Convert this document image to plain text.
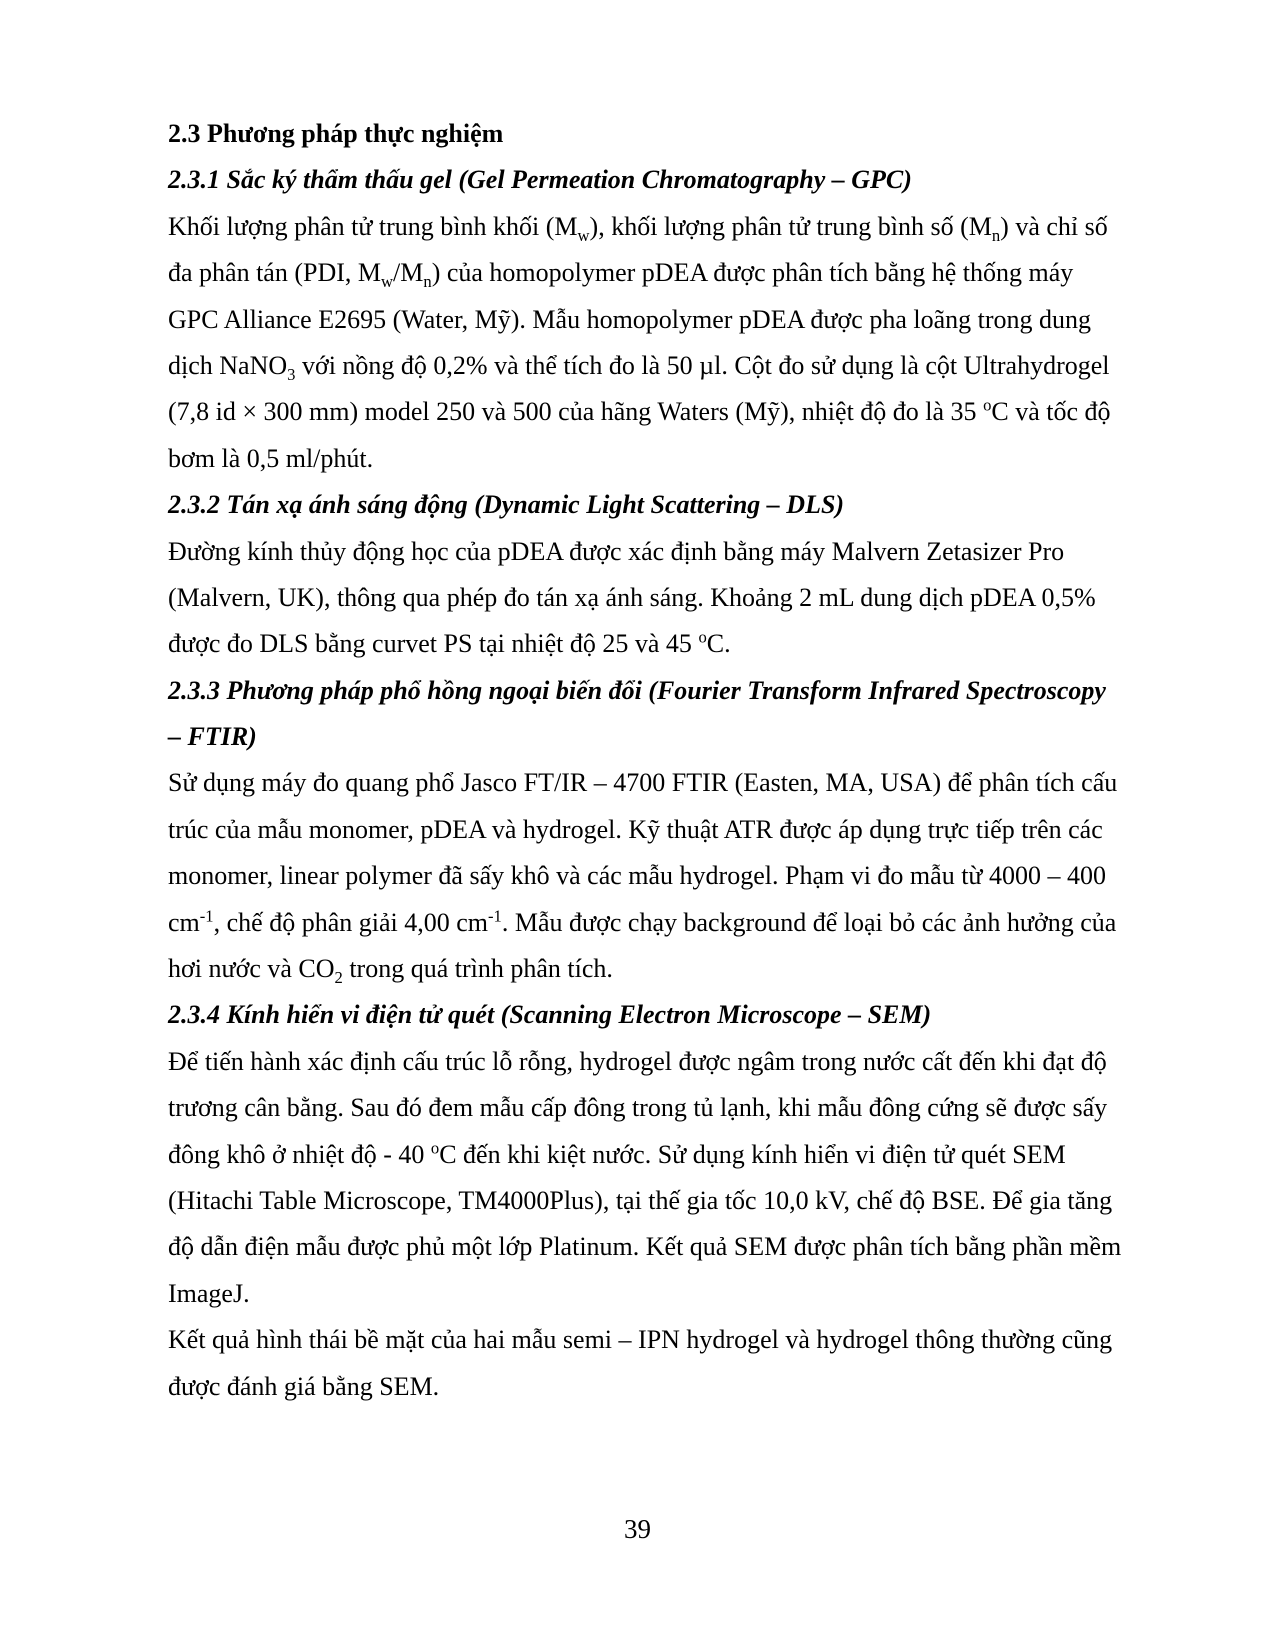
2.3 Phương pháp thực nghiệm
2.3.1 Sắc ký thẩm thấu gel (Gel Permeation Chromatography – GPC)
Khối lượng phân tử trung bình khối $(M_w)$, khối lượng phân tử trung bình số $(M_n)$ và chỉ số
đa phân tán (PDI, $M_w/M_n$) của homopolymer pDEA được phân tích bằng hệ thống máy
GPC Alliance E2695 (Water, Mỹ). Mẫu homopolymer pDEA được pha loãng trong dung
dịch NaNO$_3$ với nồng độ 0,2% và thể tích đo là 50 µl. Cột đo sử dụng là cột Ultrahydrogel
(7,8 id × 300 mm) model 250 và 500 của hãng Waters (Mỹ), nhiệt độ đo là 35 $^o$C và tốc độ
bơm là 0,5 ml/phút.
2.3.2 Tán xạ ánh sáng động (Dynamic Light Scattering – DLS)
Đường kính thủy động học của pDEA được xác định bằng máy Malvern Zetasizer Pro
(Malvern, UK), thông qua phép đo tán xạ ánh sáng. Khoảng 2 mL dung dịch pDEA 0,5%
được đo DLS bằng curvet PS tại nhiệt độ 25 và 45 $^o$C.
2.3.3 Phương pháp phổ hồng ngoại biến đổi (Fourier Transform Infrared Spectroscopy
– FTIR)
Sử dụng máy đo quang phổ Jasco FT/IR – 4700 FTIR (Easten, MA, USA) để phân tích cấu
trúc của mẫu monomer, pDEA và hydrogel. Kỹ thuật ATR được áp dụng trực tiếp trên các
monomer, linear polymer đã sấy khô và các mẫu hydrogel. Phạm vi đo mẫu từ 4000 – 400
$cm^{-1}$, chế độ phân giải 4,00 $cm^{-1}$. Mẫu được chạy background để loại bỏ các ảnh hưởng của
hơi nước và $CO_2$ trong quá trình phân tích.
2.3.4 Kính hiển vi điện tử quét (Scanning Electron Microscope – SEM)
Để tiến hành xác định cấu trúc lỗ rỗng, hydrogel được ngâm trong nước cất đến khi đạt độ
trương cân bằng. Sau đó đem mẫu cấp đông trong tủ lạnh, khi mẫu đông cứng sẽ được sấy
đông khô ở nhiệt độ - 40 $^o$C đến khi kiệt nước. Sử dụng kính hiển vi điện tử quét SEM
(Hitachi Table Microscope, TM4000Plus), tại thế gia tốc 10,0 kV, chế độ BSE. Để gia tăng
độ dẫn điện mẫu được phủ một lớp Platinum. Kết quả SEM được phân tích bằng phần mềm
ImageJ.
Kết quả hình thái bề mặt của hai mẫu semi – IPN hydrogel và hydrogel thông thường cũng
được đánh giá bằng SEM.
39
